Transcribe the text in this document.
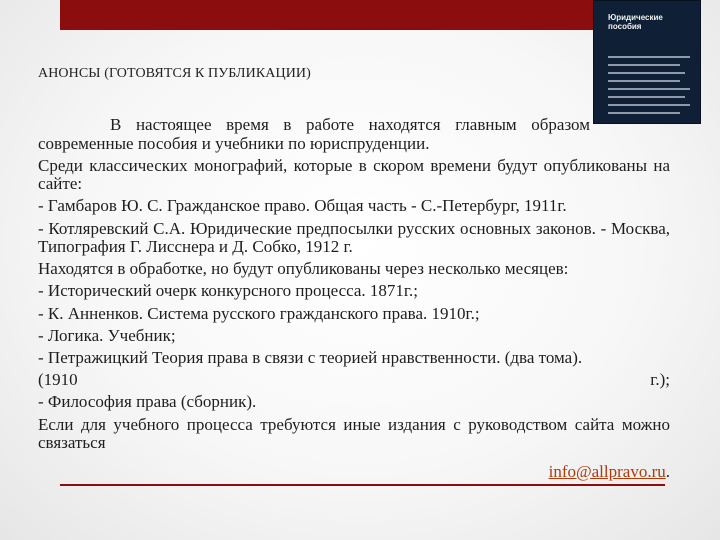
Юридические
пособия
АНОНСЫ (ГОТОВЯТСЯ К ПУБЛИКАЦИИ)

В настоящее время в работе находятся главным образом современные пособия и учебники по юриспруденции.

Среди классических монографий, которые в скором времени будут опубликованы на сайте:

- Гамбаров Ю. С. Гражданское право. Общая часть - С.-Петербург, 1911г.

- Котляревский С.А. Юридические предпосылки русских основных законов. - Москва, Типография Г. Лисснера и Д. Собко, 1912 г.

Находятся в обработке, но будут опубликованы через несколько месяцев:

- Исторический очерк конкурсного процесса. 1871г.;

- К. Анненков. Система русского гражданского права. 1910г.;

- Логика. Учебник;

- Петражицкий Теория права в связи с теорией нравственности. (два тома).

(1910	г.);

- Философия права (сборник).

Если для учебного процесса требуются иные издания с руководством сайта можно связаться

info@allpravo.ru.
